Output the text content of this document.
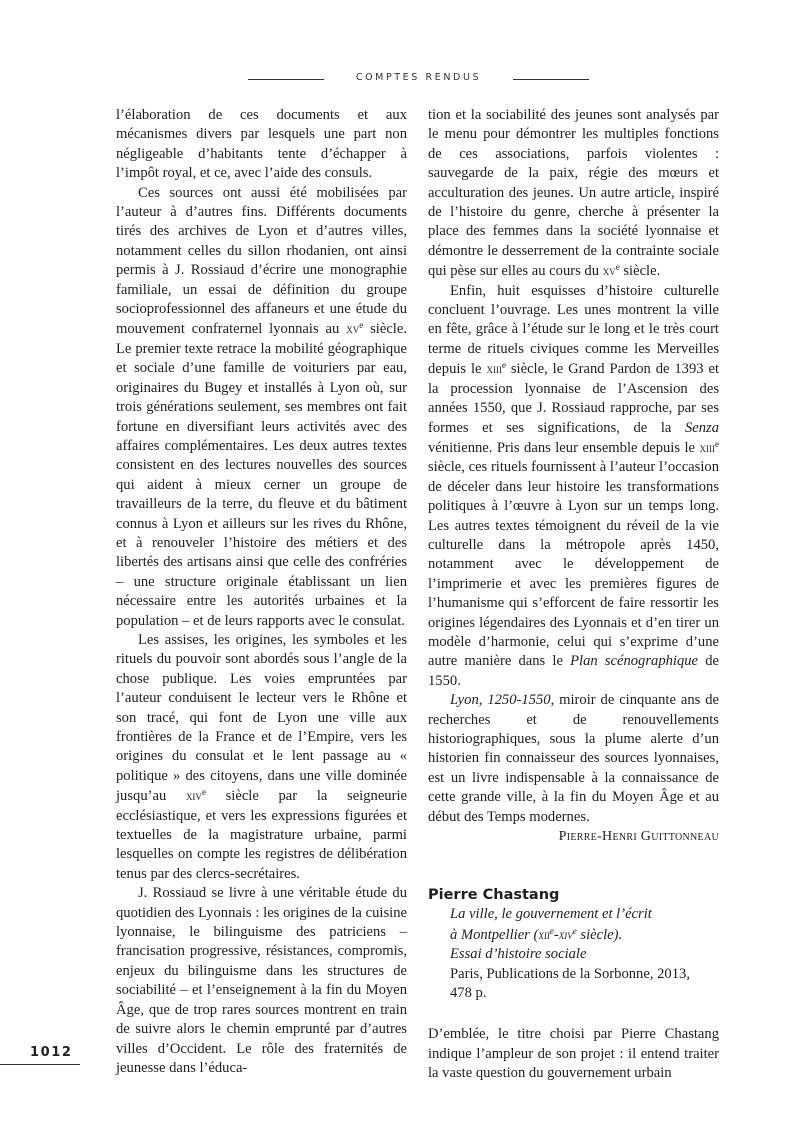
COMPTES RENDUS

l’élaboration de ces documents et aux mécanismes divers par lesquels une part non négligeable d’habitants tente d’échapper à l’impôt royal, et ce, avec l’aide des consuls.

Ces sources ont aussi été mobilisées par l’auteur à d’autres fins. Différents documents tirés des archives de Lyon et d’autres villes, notamment celles du sillon rhodanien, ont ainsi permis à J. Rossiaud d’écrire une monographie familiale, un essai de définition du groupe socioprofessionnel des affaneurs et une étude du mouvement confraternel lyonnais au $xv^e$ siècle. Le premier texte retrace la mobilité géographique et sociale d’une famille de voituriers par eau, originaires du Bugey et installés à Lyon où, sur trois générations seulement, ses membres ont fait fortune en diversifiant leurs activités avec des affaires complémentaires. Les deux autres textes consistent en des lectures nouvelles des sources qui aident à mieux cerner un groupe de travailleurs de la terre, du fleuve et du bâtiment connus à Lyon et ailleurs sur les rives du Rhône, et à renouveler l’histoire des métiers et des libertés des artisans ainsi que celle des confréries – une structure originale établissant un lien nécessaire entre les autorités urbaines et la population – et de leurs rapports avec le consulat.

Les assises, les origines, les symboles et les rituels du pouvoir sont abordés sous l’angle de la chose publique. Les voies empruntées par l’auteur conduisent le lecteur vers le Rhône et son tracé, qui font de Lyon une ville aux frontières de la France et de l’Empire, vers les origines du consulat et le lent passage au « politique » des citoyens, dans une ville dominée jusqu’au xiv$^e$ siècle par la seigneurie ecclésiastique, et vers les expressions figurées et textuelles de la magistrature urbaine, parmi lesquelles on compte les registres de délibération tenus par des clercs-secrétaires.

J. Rossiaud se livre à une véritable étude du quotidien des Lyonnais : les origines de la cuisine lyonnaise, le bilinguisme des patriciens – francisation progressive, résistances, compromis, enjeux du bilinguisme dans les structures de sociabilité – et l’enseignement à la fin du Moyen Âge, que de trop rares sources montrent en train de suivre alors le chemin emprunté par d’autres villes d’Occident. Le rôle des fraternités de jeunesse dans l’éduca-

tion et la sociabilité des jeunes sont analysés par le menu pour démontrer les multiples fonctions de ces associations, parfois violentes : sauvegarde de la paix, régie des mœurs et acculturation des jeunes. Un autre article, inspiré de l’histoire du genre, cherche à présenter la place des femmes dans la société lyonnaise et démontre le desserrement de la contrainte sociale qui pèse sur elles au cours du $xv^e$ siècle.

Enfin, huit esquisses d’histoire culturelle concluent l’ouvrage. Les unes montrent la ville en fête, grâce à l’étude sur le long et le très court terme de rituels civiques comme les Merveilles depuis le xiii$^e$ siècle, le Grand Pardon de 1393 et la procession lyonnaise de l’Ascension des années 1550, que J. Rossiaud rapproche, par ses formes et ses significations, de la Senza vénitienne. Pris dans leur ensemble depuis le xiii$^e$ siècle, ces rituels fournissent à l’auteur l’occasion de déceler dans leur histoire les transformations politiques à l’œuvre à Lyon sur un temps long. Les autres textes témoignent du réveil de la vie culturelle dans la métropole après 1450, notamment avec le développement de l’imprimerie et avec les premières figures de l’humanisme qui s’efforcent de faire ressortir les origines légendaires des Lyonnais et d’en tirer un modèle d’harmonie, celui qui s’exprime d’une autre manière dans le Plan scénographique de 1550.

Lyon, 1250-1550, miroir de cinquante ans de recherches et de renouvellements historiographiques, sous la plume alerte d’un historien fin connaisseur des sources lyonnaises, est un livre indispensable à la connaissance de cette grande ville, à la fin du Moyen Âge et au début des Temps modernes.

Pierre-Henri Guittonneau

Pierre Chastang
La ville, le gouvernement et l’écrit
à Montpellier (xii$^e$-xiv$^e$ siècle).
Essai d’histoire sociale
Paris, Publications de la Sorbonne, 2013,
478 p.

D’emblée, le titre choisi par Pierre Chastang indique l’ampleur de son projet : il entend traiter la vaste question du gouvernement urbain

1012
